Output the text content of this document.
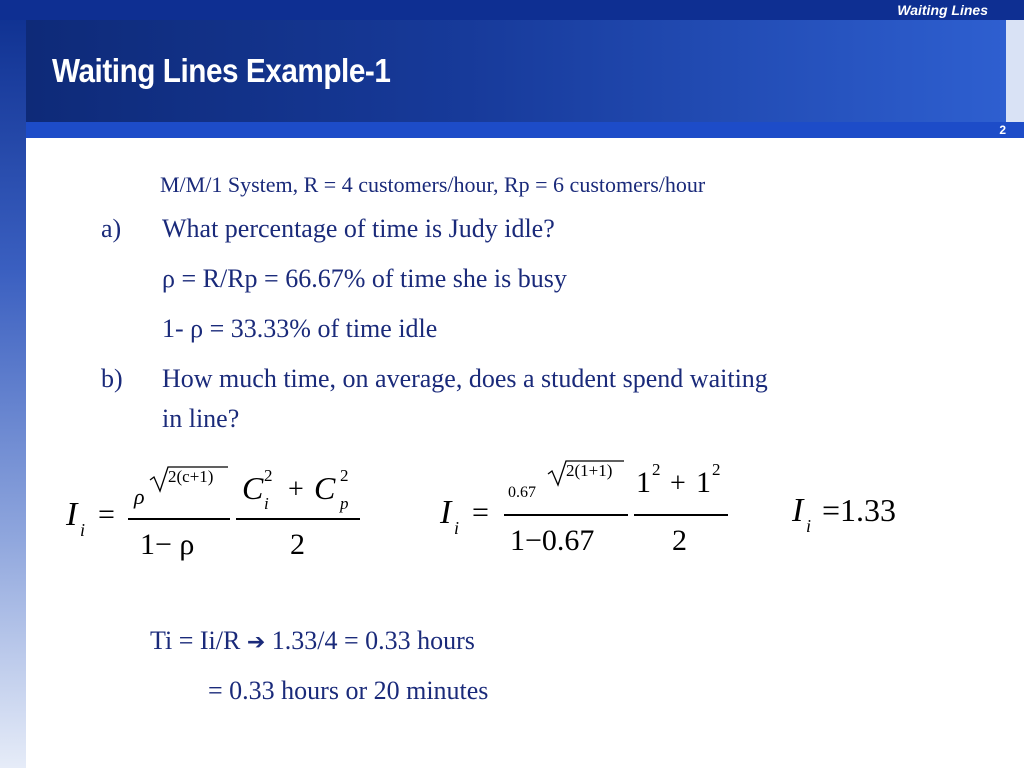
Waiting Lines
Waiting Lines Example-1
2
M/M/1 System, R = 4 customers/hour, Rp = 6 customers/hour
a) What percentage of time is Judy idle?
ρ = R/Rp = 66.67% of time she is busy
1- ρ = 33.33% of time idle
b) How much time, on average, does a student spend waiting
in line?
I i =
ρ
2(c+1)
1− ρ
C 2
i + C 2
p
2
I i =
0.67
2(1+1)
1−0.67
1 2 + 1 2
2
I i =1.33
Ti = Ii/R ➔ 1.33/4 = 0.33 hours
= 0.33 hours or 20 minutes
